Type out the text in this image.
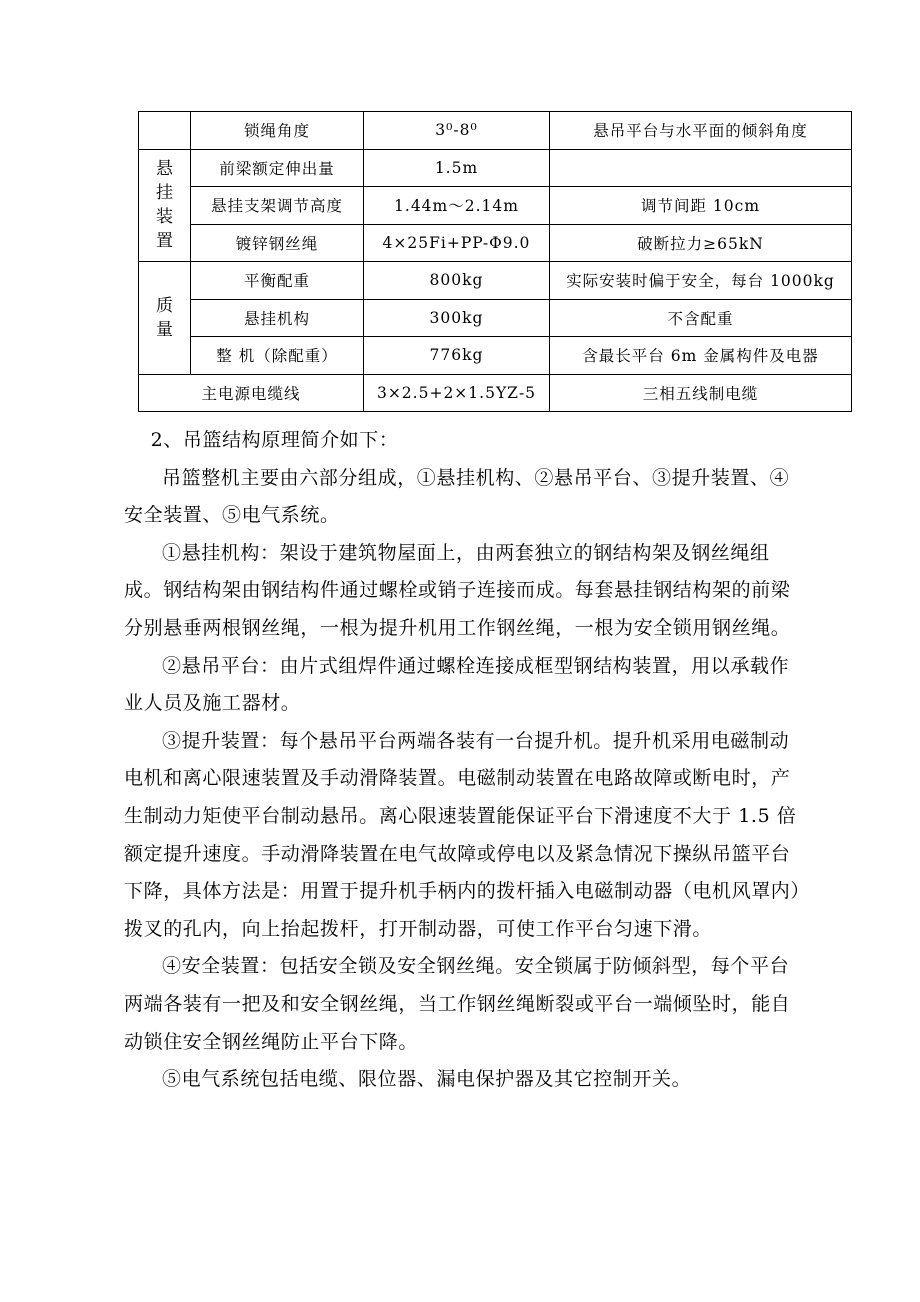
	锁绳角度	3⁰-8⁰	悬吊平台与水平面的倾斜角度

悬
挂
装
置	前梁额定伸出量	1.5m	
	悬挂支架调节高度	1.44m～2.14m	调节间距 10cm
	镀锌钢丝绳	4×25Fi+PP-Φ9.0	破断拉力≥65kN

质
量	平衡配重	800kg	实际安装时偏于安全，每台 1000kg
	悬挂机构	300kg	不含配重
	整 机（除配重）	776kg	含最长平台 6m 金属构件及电器
主电源电缆线		3×2.5+2×1.5YZ-5	三相五线制电缆

2、吊篮结构原理简介如下：

吊篮整机主要由六部分组成，①悬挂机构、②悬吊平台、③提升装置、④安全装置、⑤电气系统。

①悬挂机构：架设于建筑物屋面上，由两套独立的钢结构架及钢丝绳组成。钢结构架由钢结构件通过螺栓或销子连接而成。每套悬挂钢结构架的前梁分别悬垂两根钢丝绳，一根为提升机用工作钢丝绳，一根为安全锁用钢丝绳。

②悬吊平台：由片式组焊件通过螺栓连接成框型钢结构装置，用以承载作业人员及施工器材。

③提升装置：每个悬吊平台两端各装有一台提升机。提升机采用电磁制动电机和离心限速装置及手动滑降装置。电磁制动装置在电路故障或断电时，产生制动力矩使平台制动悬吊。离心限速装置能保证平台下滑速度不大于 1.5 倍额定提升速度。手动滑降装置在电气故障或停电以及紧急情况下操纵吊篮平台下降，具体方法是：用置于提升机手柄内的拨杆插入电磁制动器（电机风罩内）拨叉的孔内，向上抬起拨杆，打开制动器，可使工作平台匀速下滑。

④安全装置：包括安全锁及安全钢丝绳。安全锁属于防倾斜型，每个平台两端各装有一把及和安全钢丝绳，当工作钢丝绳断裂或平台一端倾坠时，能自动锁住安全钢丝绳防止平台下降。

⑤电气系统包括电缆、限位器、漏电保护器及其它控制开关。
